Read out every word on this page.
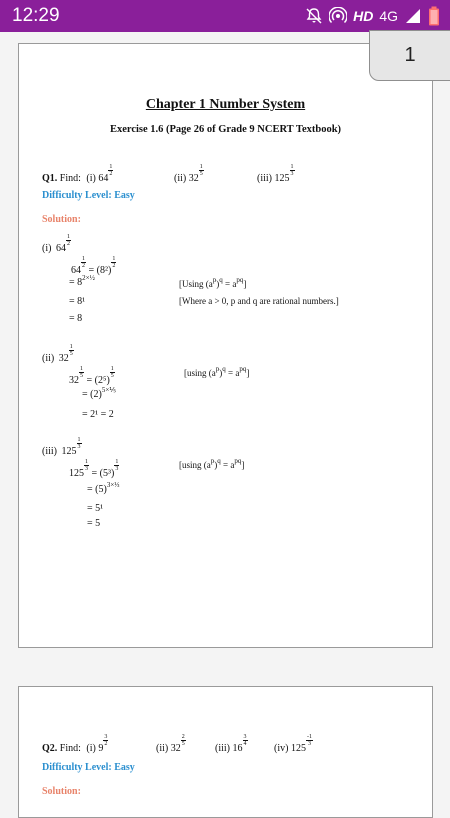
12:29	HD 4G
1
Chapter 1 Number System
Exercise 1.6 (Page 26 of Grade 9 NCERT Textbook)
Q1. Find: (i) 64
$\frac{1}{2}$
(ii) 32
$\frac{1}{5}$
(iii) 125
$\frac{1}{3}$
Difficulty Level: Easy
Solution:
(i) 64
$\frac{1}{2}$
64
$\frac{1}{2}$
= (8²)
$\frac{1}{2}$
= $8^{2\times\frac{1}{2}}$
= 8¹
= 8
[Using $(a^p)^q = a^{pq}$]
[Where a > 0, p and q are rational numbers.]
(ii) 32
$\frac{1}{5}$
32
$\frac{1}{5}$
= (2⁵)
$\frac{1}{5}$	[using $(a^p)^q = a^{pq}$]
= $(2)^{5\times\frac{1}{5}}$
= 2¹ = 2
(iii) 125
$\frac{1}{3}$
125
$\frac{1}{3}$
= (5³)
$\frac{1}{3}$	[using $(a^p)^q = a^{pq}$]
= $(5)^{3\times\frac{1}{3}}$
= 5¹
= 5
Q2. Find: (i) 9
$\frac{3}{2}$
(ii) 32
$\frac{2}{5}$
(iii) 16
$\frac{3}{4}$
(iv) 125
$\frac{-1}{3}$
Difficulty Level: Easy
Solution:
